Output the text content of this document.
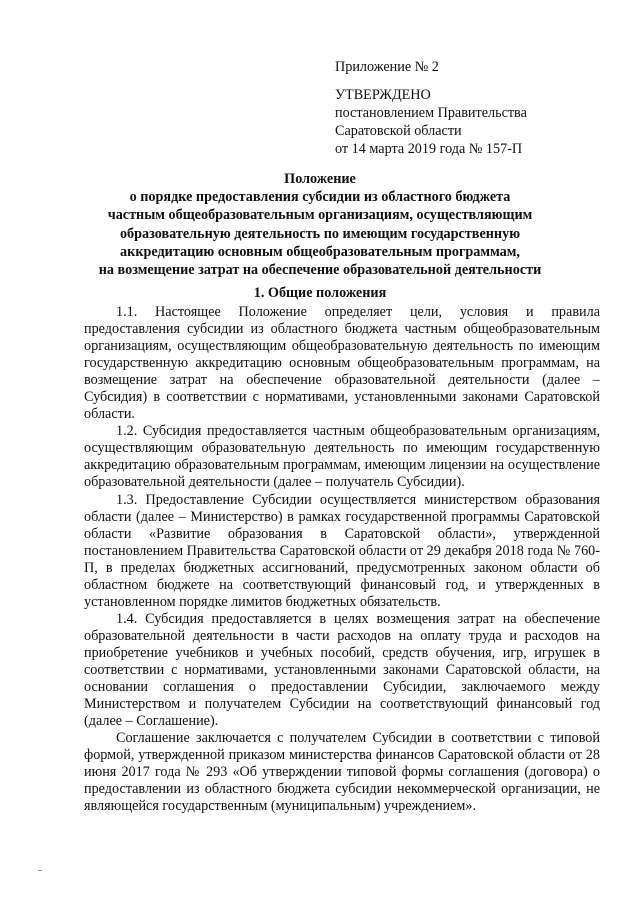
Приложение № 2
УТВЕРЖДЕНО
постановлением Правительства
Саратовской области
от 14 марта 2019 года № 157-П
Положение
о порядке предоставления субсидии из областного бюджета
частным общеобразовательным организациям, осуществляющим
образовательную деятельность по имеющим государственную
аккредитацию основным общеобразовательным программам,
на возмещение затрат на обеспечение образовательной деятельности
1. Общие положения

1.1. Настоящее Положение определяет цели, условия и правила предоставления субсидии из областного бюджета частным общеобразовательным организациям, осуществляющим общеобразовательную деятельность по имеющим государственную аккредитацию основным общеобразовательным программам, на возмещение затрат на обеспечение образовательной деятельности (далее – Субсидия) в соответствии с нормативами, установленными законами Саратовской области.

1.2. Субсидия предоставляется частным общеобразовательным организациям, осуществляющим образовательную деятельность по имеющим государственную аккредитацию образовательным программам, имеющим лицензии на осуществление образовательной деятельности (далее – получатель Субсидии).

1.3. Предоставление Субсидии осуществляется министерством образования области (далее – Министерство) в рамках государственной программы Саратовской области «Развитие образования в Саратовской области», утвержденной постановлением Правительства Саратовской области от 29 декабря 2018 года № 760-П, в пределах бюджетных ассигнований, предусмотренных законом области об областном бюджете на соответствующий финансовый год, и утвержденных в установленном порядке лимитов бюджетных обязательств.

1.4. Субсидия предоставляется в целях возмещения затрат на обеспечение образовательной деятельности в части расходов на оплату труда и расходов на приобретение учебников и учебных пособий, средств обучения, игр, игрушек в соответствии с нормативами, установленными законами Саратовской области, на основании соглашения о предоставлении Субсидии, заключаемого между Министерством и получателем Субсидии на соответствующий финансовый год (далее – Соглашение).

Соглашение заключается с получателем Субсидии в соответствии с типовой формой, утвержденной приказом министерства финансов Саратовской области от 28 июня 2017 года № 293 «Об утверждении типовой формы соглашения (договора) о предоставлении из областного бюджета субсидии некоммерческой организации, не являющейся государственным (муниципальным) учреждением».
